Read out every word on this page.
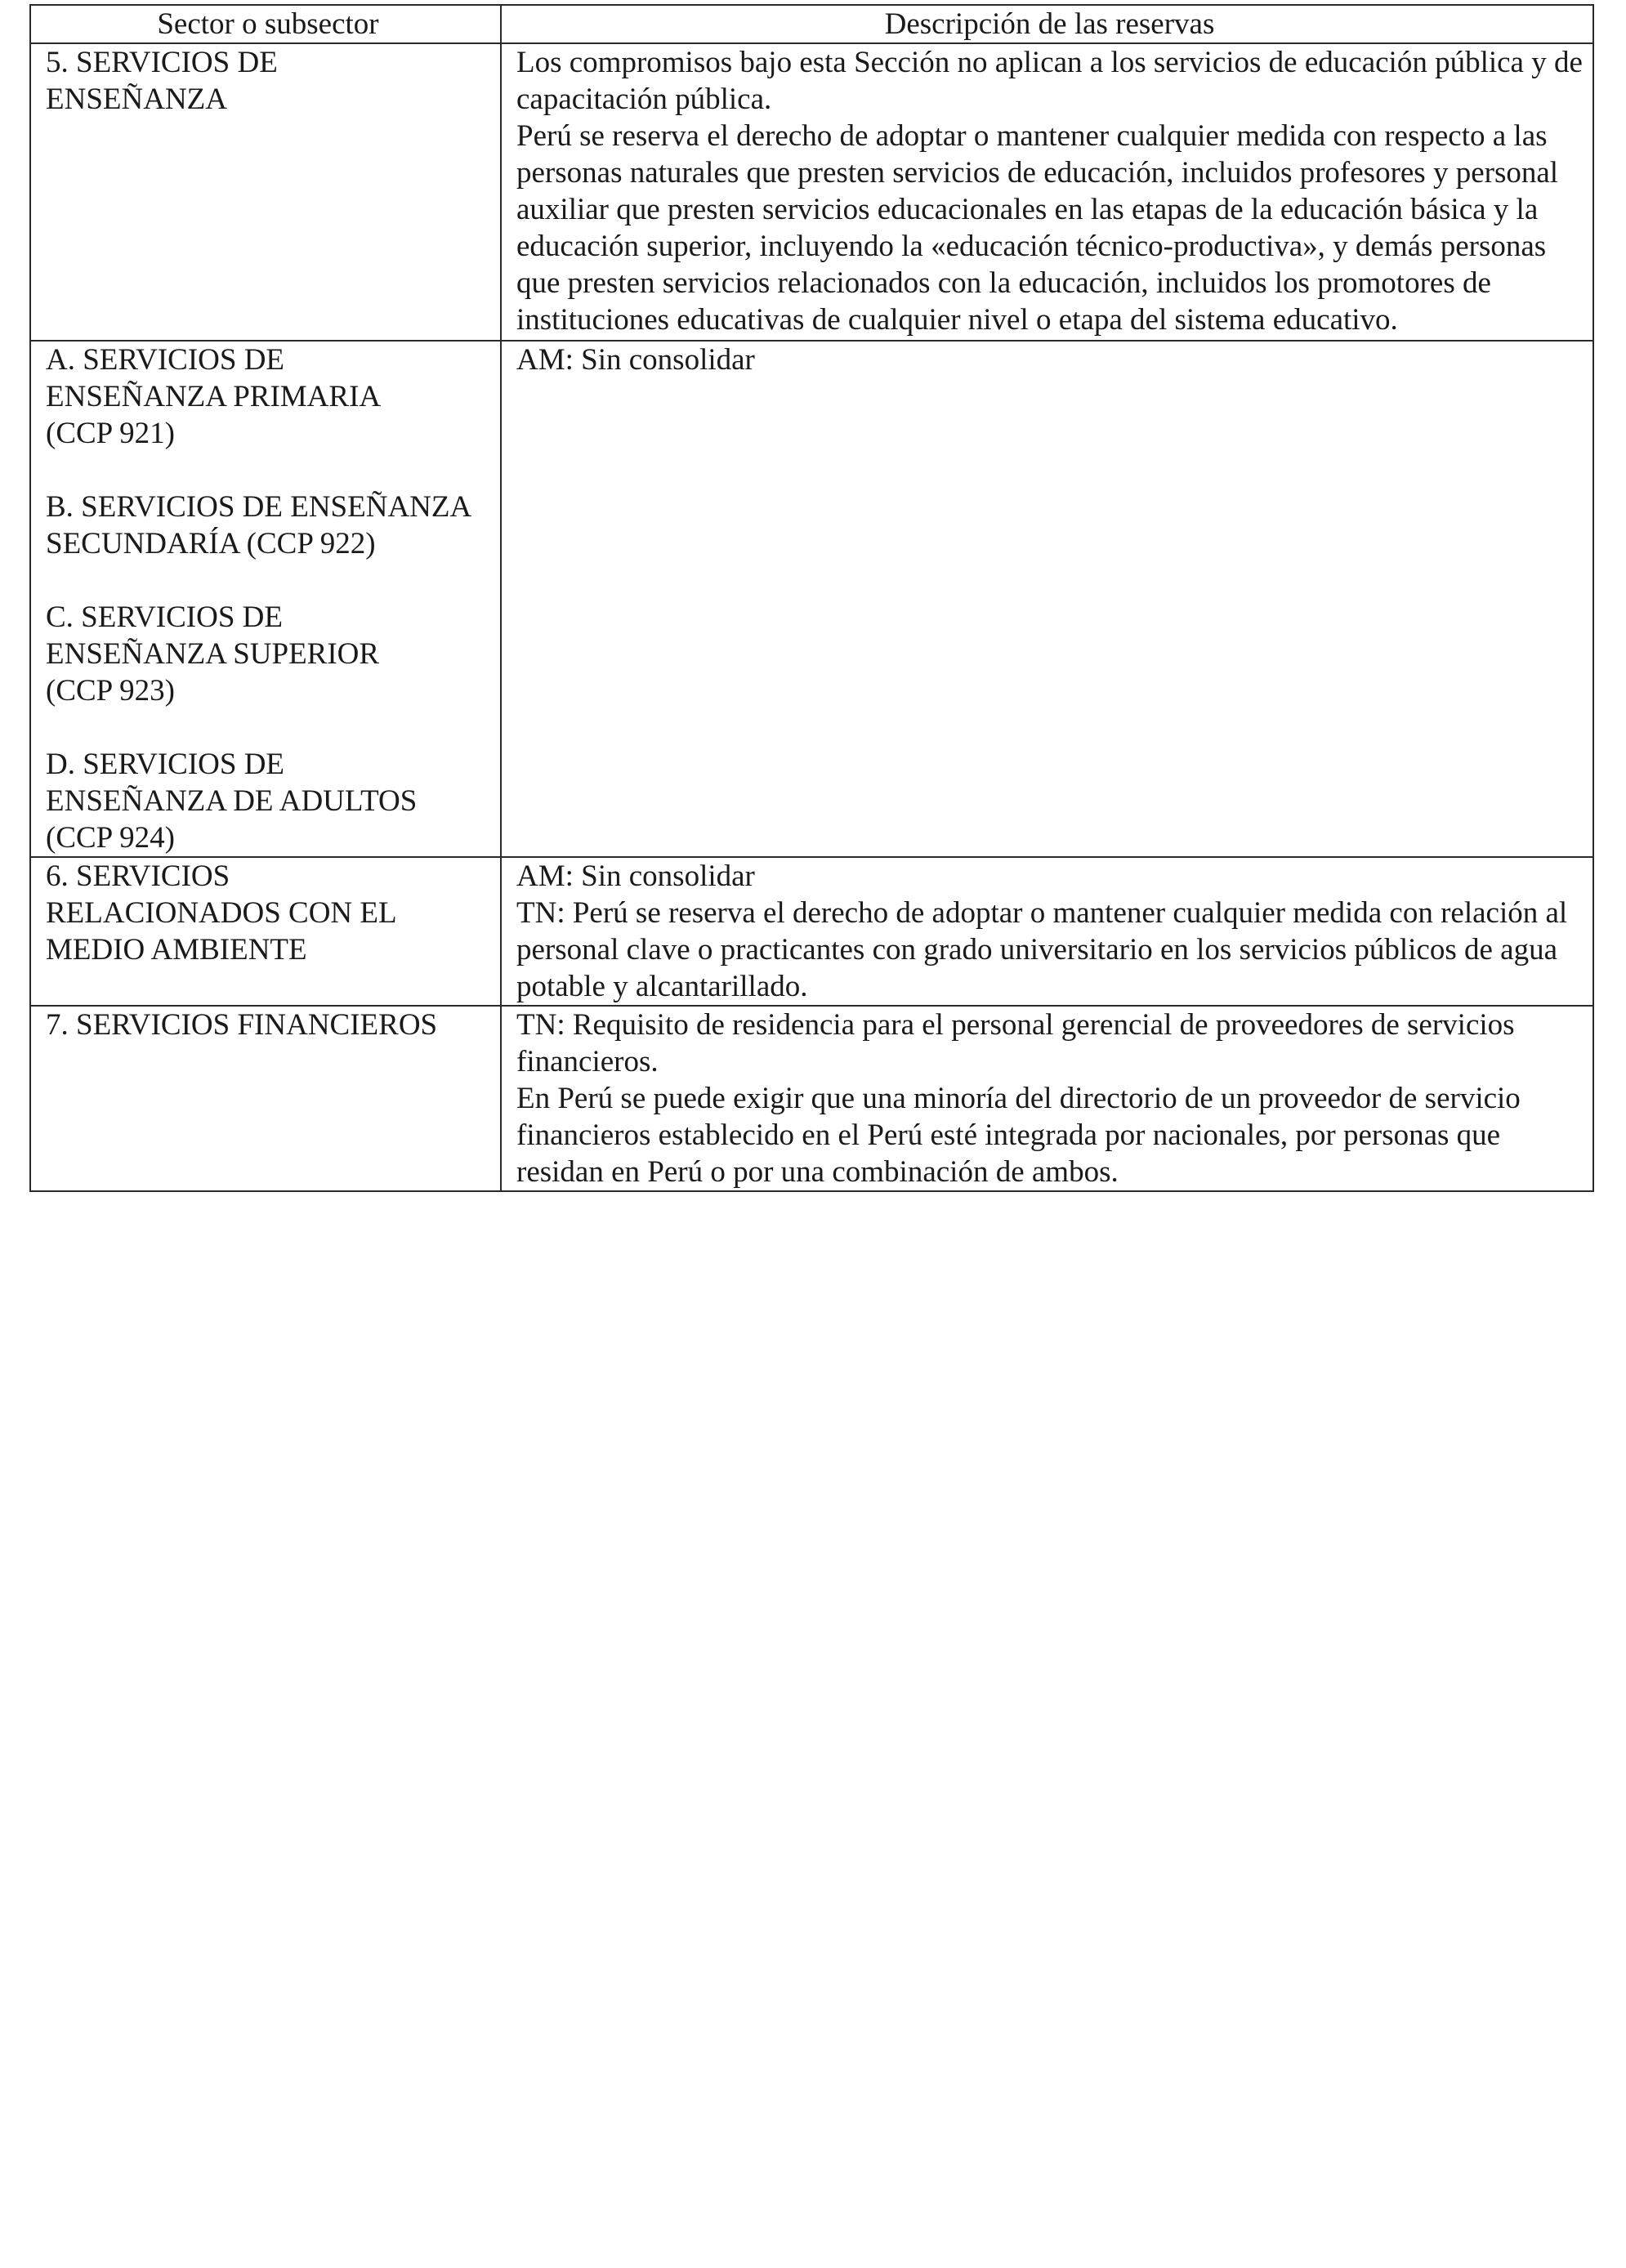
Sector o subsector	Descripción de las reservas

5. SERVICIOS DE ENSEÑANZA	Los compromisos bajo esta Sección no aplican a los servicios de educación pública y de capacitación pública.
Perú se reserva el derecho de adoptar o mantener cualquier medida con respecto a las personas naturales que presten servicios de educación, incluidos profesores y personal auxiliar que presten servicios educacionales en las etapas de la educación básica y la educación superior, incluyendo la «educación técnico-productiva», y demás personas que presten servicios relacionados con la educación, incluidos los promotores de instituciones educativas de cualquier nivel o etapa del sistema educativo.

A. SERVICIOS DE ENSEÑANZA PRIMARIA (CCP 921)
B. SERVICIOS DE ENSEÑANZA SECUNDARÍA (CCP 922)
C. SERVICIOS DE ENSEÑANZA SUPERIOR (CCP 923)
D. SERVICIOS DE ENSEÑANZA DE ADULTOS (CCP 924)	AM: Sin consolidar

6. SERVICIOS RELACIONADOS CON EL MEDIO AMBIENTE	AM: Sin consolidar
TN: Perú se reserva el derecho de adoptar o mantener cualquier medida con relación al personal clave o practicantes con grado universitario en los servicios públicos de agua potable y alcantarillado.

7. SERVICIOS FINANCIEROS	TN: Requisito de residencia para el personal gerencial de proveedores de servicios financieros.
En Perú se puede exigir que una minoría del directorio de un proveedor de servicio financieros establecido en el Perú esté integrada por nacionales, por personas que residan en Perú o por una combinación de ambos.
